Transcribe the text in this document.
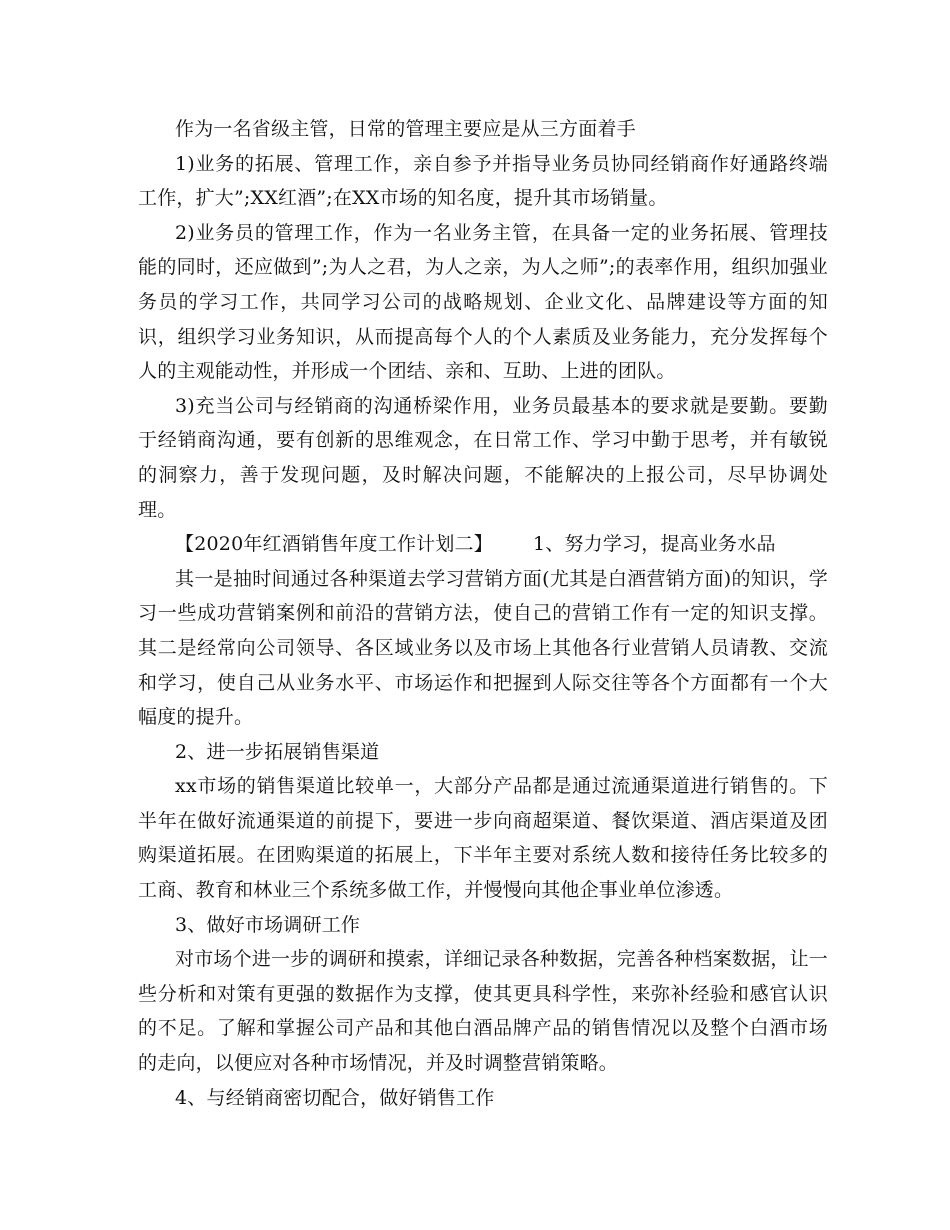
作为一名省级主管，日常的管理主要应是从三方面着手

1)业务的拓展、管理工作，亲自参予并指导业务员协同经销商作好通路终端工作，扩大”;XX红酒”;在XX市场的知名度，提升其市场销量。

2)业务员的管理工作，作为一名业务主管，在具备一定的业务拓展、管理技能的同时，还应做到”;为人之君，为人之亲，为人之师”;的表率作用，组织加强业务员的学习工作，共同学习公司的战略规划、企业文化、品牌建设等方面的知识，组织学习业务知识，从而提高每个人的个人素质及业务能力，充分发挥每个人的主观能动性，并形成一个团结、亲和、互助、上进的团队。

3)充当公司与经销商的沟通桥梁作用，业务员最基本的要求就是要勤。要勤于经销商沟通，要有创新的思维观念，在日常工作、学习中勤于思考，并有敏锐的洞察力，善于发现问题，及时解决问题，不能解决的上报公司，尽早协调处理。

【2020年红酒销售年度工作计划二】 1、努力学习，提高业务水品

其一是抽时间通过各种渠道去学习营销方面(尤其是白酒营销方面)的知识，学习一些成功营销案例和前沿的营销方法，使自己的营销工作有一定的知识支撑。其二是经常向公司领导、各区域业务以及市场上其他各行业营销人员请教、交流和学习，使自己从业务水平、市场运作和把握到人际交往等各个方面都有一个大幅度的提升。

2、进一步拓展销售渠道

xx市场的销售渠道比较单一，大部分产品都是通过流通渠道进行销售的。下半年在做好流通渠道的前提下，要进一步向商超渠道、餐饮渠道、酒店渠道及团购渠道拓展。在团购渠道的拓展上，下半年主要对系统人数和接待任务比较多的工商、教育和林业三个系统多做工作，并慢慢向其他企事业单位渗透。

3、做好市场调研工作

对市场个进一步的调研和摸索，详细记录各种数据，完善各种档案数据，让一些分析和对策有更强的数据作为支撑，使其更具科学性，来弥补经验和感官认识的不足。了解和掌握公司产品和其他白酒品牌产品的销售情况以及整个白酒市场的走向，以便应对各种市场情况，并及时调整营销策略。

4、与经销商密切配合，做好销售工作
